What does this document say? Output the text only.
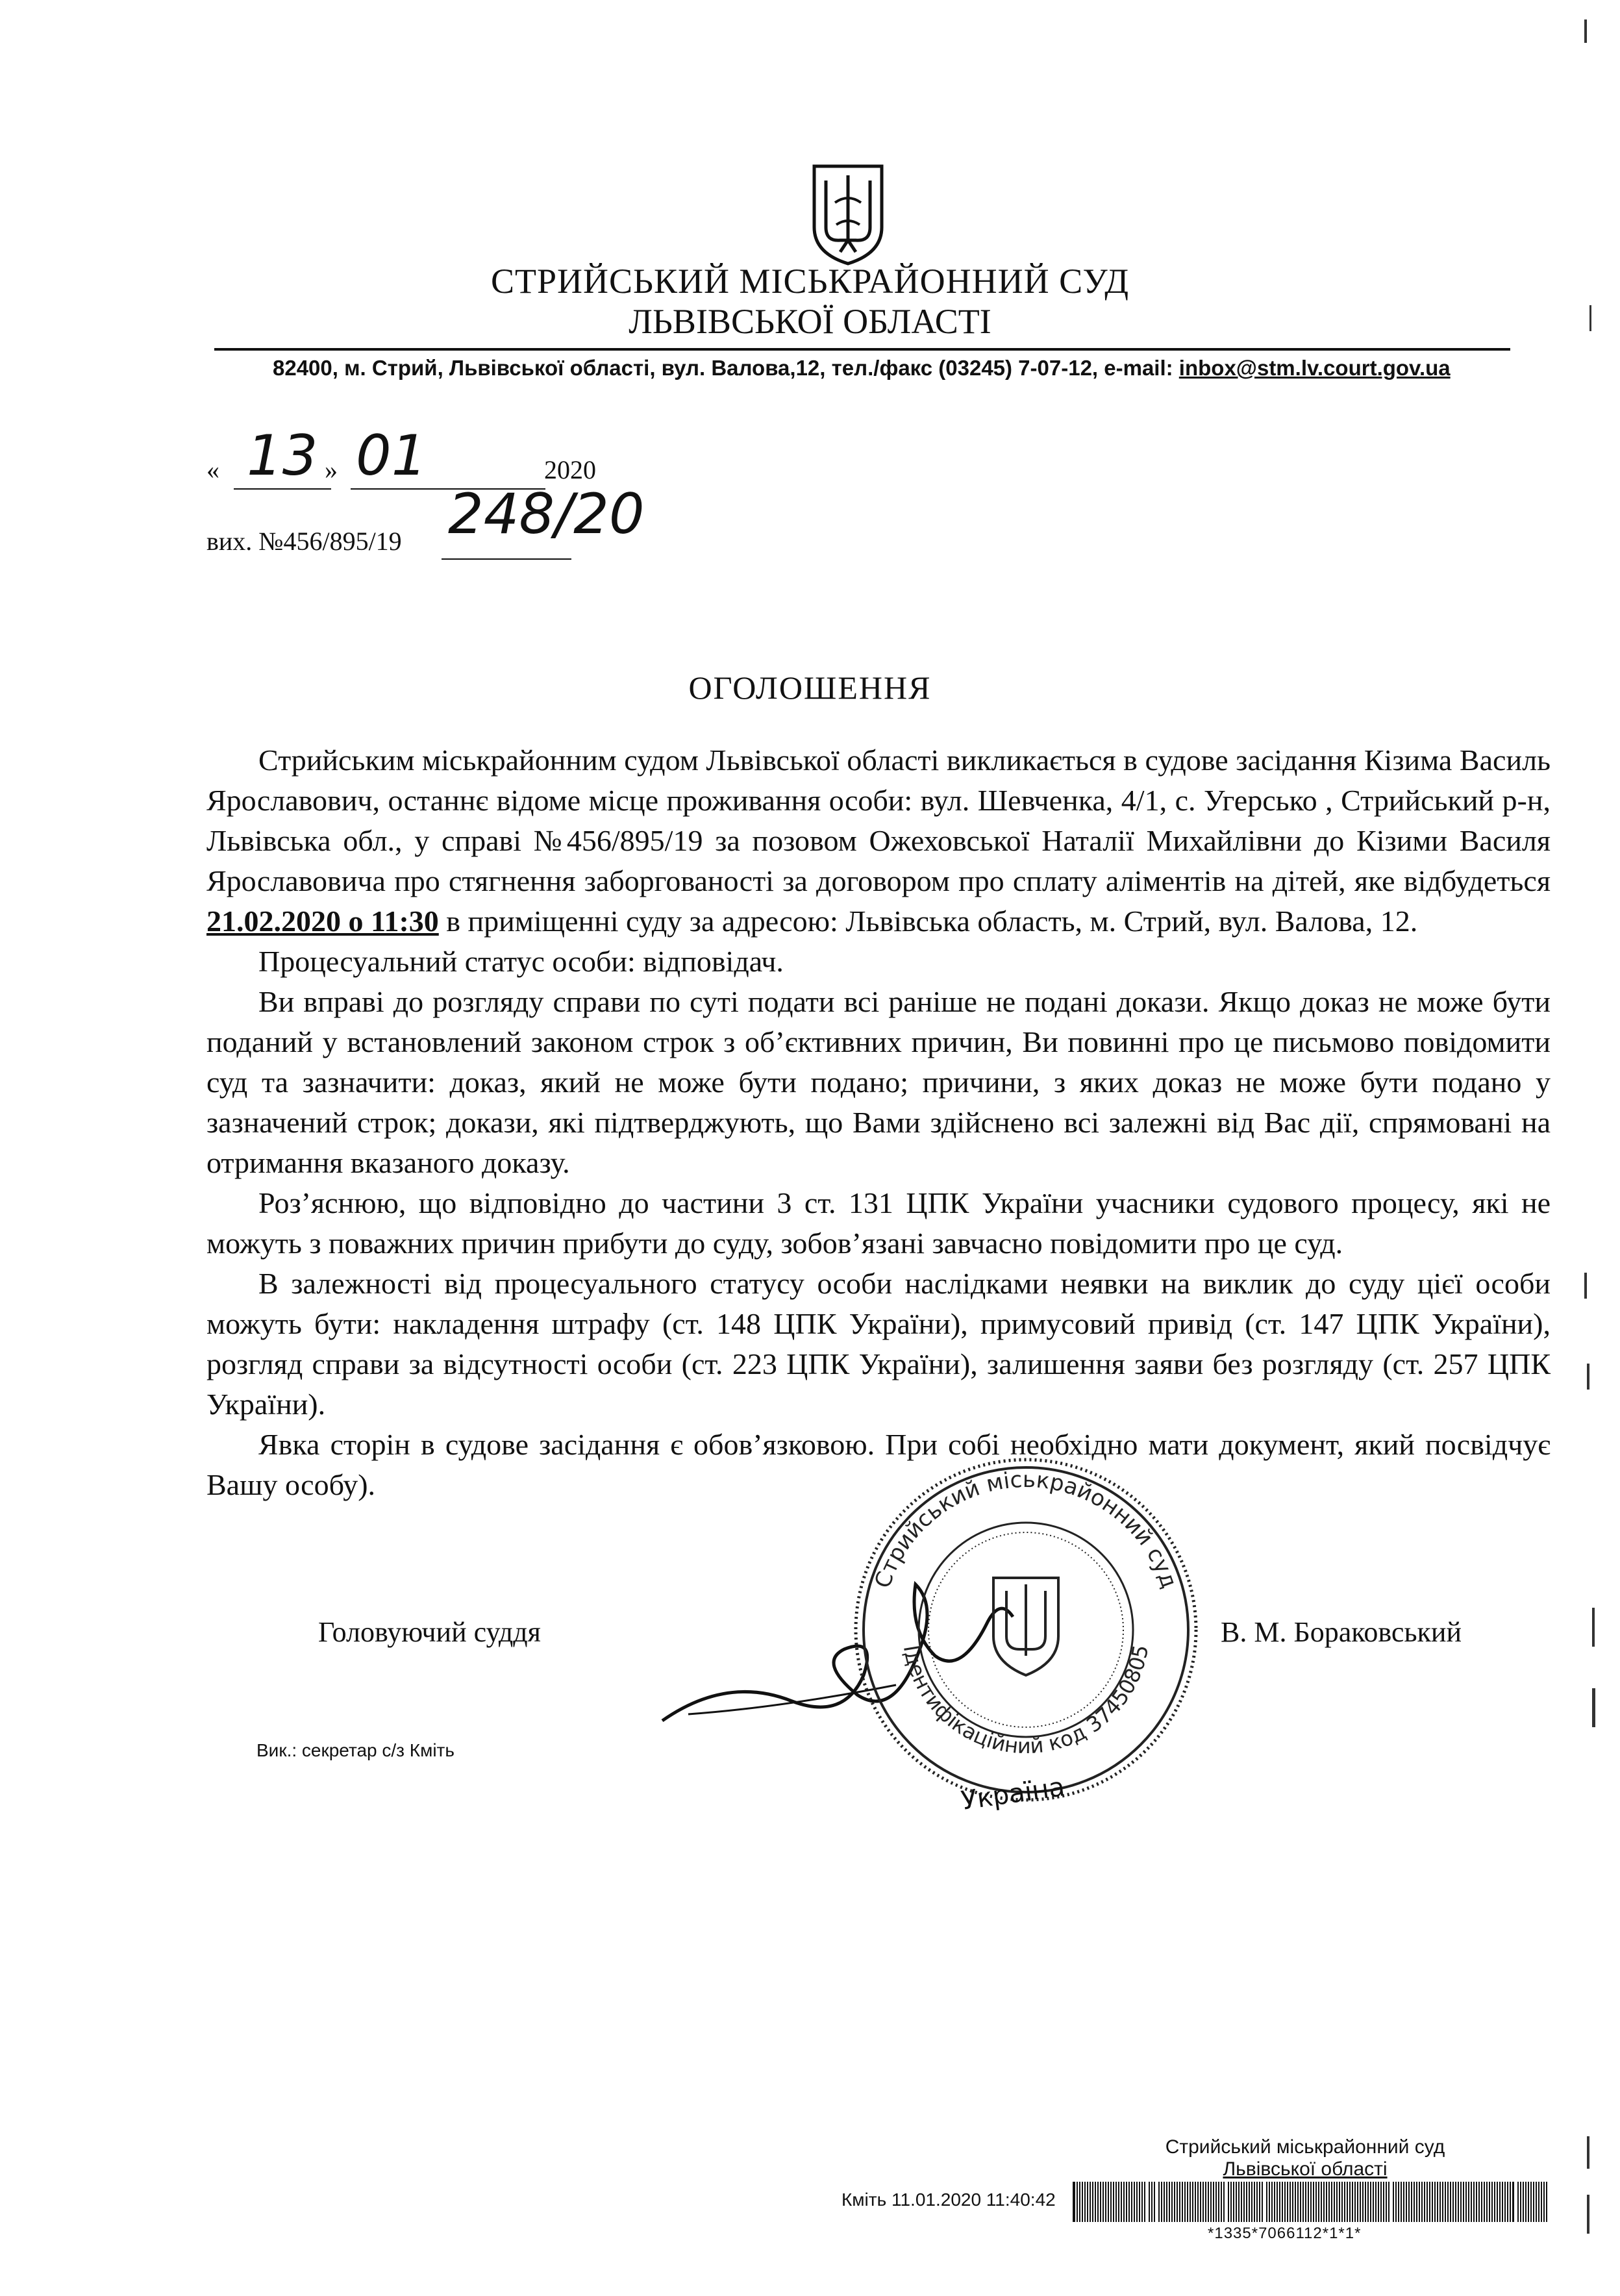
СТРИЙСЬКИЙ МІСЬКРАЙОННИЙ СУД
ЛЬВІВСЬКОЇ ОБЛАСТІ
82400, м. Стрий, Львівської області, вул. Валова,12, тел./факс (03245) 7-07-12, e-mail: inbox@stm.lv.court.gov.ua
« 13 » 01	2020
вих. №456/895/19 248/20
ОГОЛОШЕННЯ

Стрийським міськрайонним судом Львівської області викликається в судове засідання Кізима Василь Ярославович, останнє відоме місце проживання особи: вул. Шевченка, 4/1, с. Угерсько , Стрийський р-н, Львівська обл., у справі №456/895/19 за позовом Ожеховської Наталії Михайлівни до Кізими Василя Ярославовича про стягнення заборгованості за договором про сплату аліментів на дітей, яке відбудеться 21.02.2020 о 11:30 в приміщенні суду за адресою: Львівська область, м. Стрий, вул. Валова, 12.

Процесуальний статус особи: відповідач.

Ви вправі до розгляду справи по суті подати всі раніше не подані докази. Якщо доказ не може бути поданий у встановлений законом строк з об’єктивних причин, Ви повинні про це письмово повідомити суд та зазначити: доказ, який не може бути подано; причини, з яких доказ не може бути подано у зазначений строк; докази, які підтверджують, що Вами здійснено всі залежні від Вас дії, спрямовані на отримання вказаного доказу.

Роз’яснюю, що відповідно до частини 3 ст. 131 ЦПК України учасники судового процесу, які не можуть з поважних причин прибути до суду, зобов’язані завчасно повідомити про це суд.

В залежності від процесуального статусу особи наслідками неявки на виклик до суду цієї особи можуть бути: накладення штрафу (ст. 148 ЦПК України), примусовий привід (ст. 147 ЦПК України), розгляд справи за відсутності особи (ст. 223 ЦПК України), залишення заяви без розгляду (ст. 257 ЦПК України).

Явка сторін в судове засідання є обов’язковою. При собі необхідно мати документ, який посвідчує Вашу особу).

Головуючий суддя	В. М. Бораковський
Вик.: секретар с/з Кміть
Стрийський міськрайонний суд
Ідентифікаційний код 37450805
Україна
Стрийський міськрайонний суд
Львівської області
Кміть 11.01.2020 11:40:42
*1335*7066112*1*1*
